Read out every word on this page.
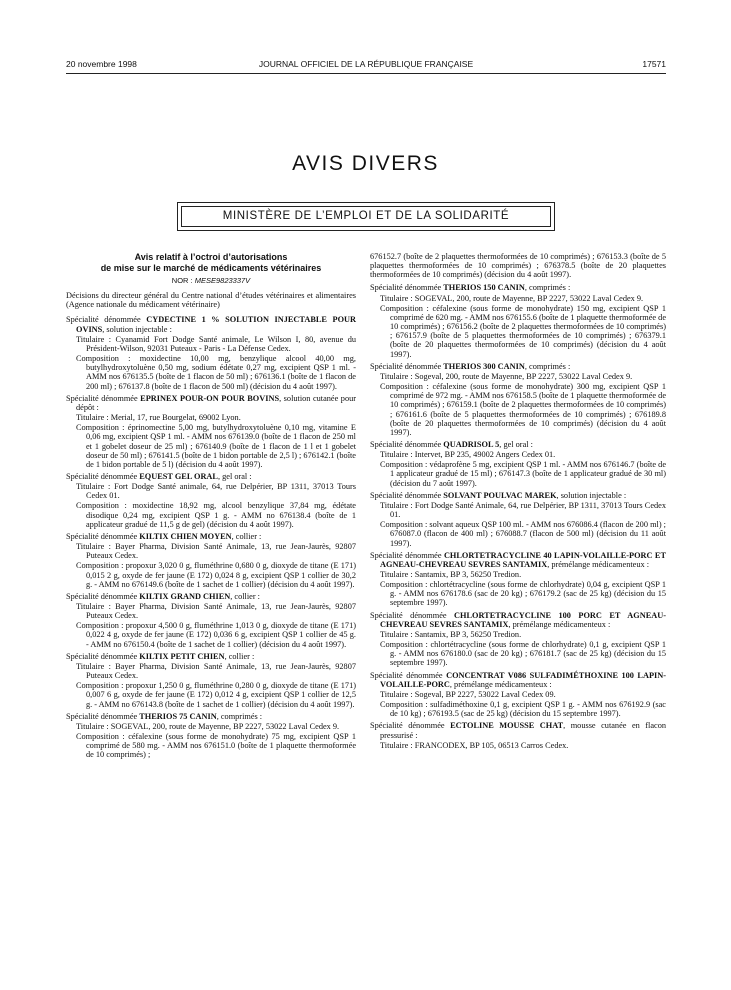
20 novembre 1998	JOURNAL OFFICIEL DE LA RÉPUBLIQUE FRANÇAISE	17571
AVIS DIVERS
MINISTÈRE DE L’EMPLOI ET DE LA SOLIDARITÉ
Avis relatif à l’octroi d’autorisations
de mise sur le marché de médicaments vétérinaires
NOR : MESE9823337V
Décisions du directeur général du Centre national d’études vétérinaires et alimentaires (Agence nationale du médicament vétérinaire)
Spécialité dénommée CYDECTINE 1 % SOLUTION INJECTABLE POUR OVINS, solution injectable :
Titulaire : Cyanamid Fort Dodge Santé animale, Le Wilson I, 80, avenue du Président-Wilson, 92031 Puteaux - Paris - La Défense Cedex.
Composition : moxidectine 10,00 mg, benzylique alcool 40,00 mg, butylhydroxytoluène 0,50 mg, sodium édétate 0,27 mg, excipient QSP 1 ml. - AMM nos 676135.5 (boîte de 1 flacon de 50 ml) ; 676136.1 (boîte de 1 flacon de 200 ml) ; 676137.8 (boîte de 1 flacon de 500 ml) (décision du 4 août 1997).
Spécialité dénommée EPRINEX POUR-ON POUR BOVINS, solution cutanée pour dépôt :
Titulaire : Merial, 17, rue Bourgelat, 69002 Lyon.
Composition : éprinomectine 5,00 mg, butylhydroxytoluène 0,10 mg, vitamine E 0,06 mg, excipient QSP 1 ml. - AMM nos 676139.0 (boîte de 1 flacon de 250 ml et 1 gobelet doseur de 25 ml) ; 676140.9 (boîte de 1 flacon de 1 l et 1 gobelet doseur de 50 ml) ; 676141.5 (boîte de 1 bidon portable de 2,5 l) ; 676142.1 (boîte de 1 bidon portable de 5 l) (décision du 4 août 1997).
Spécialité dénommée EQUEST GEL ORAL, gel oral :
Titulaire : Fort Dodge Santé animale, 64, rue Delpérier, BP 1311, 37013 Tours Cedex 01.
Composition : moxidectine 18,92 mg, alcool benzylique 37,84 mg, édétate disodique 0,24 mg, excipient QSP 1 g. - AMM no 676138.4 (boîte de 1 applicateur gradué de 11,5 g de gel) (décision du 4 août 1997).
Spécialité dénommée KILTIX CHIEN MOYEN, collier :
Titulaire : Bayer Pharma, Division Santé Animale, 13, rue Jean-Jaurès, 92807 Puteaux Cedex.
Composition : propoxur 3,020 0 g, fluméthrine 0,680 0 g, dioxyde de titane (E 171) 0,015 2 g, oxyde de fer jaune (E 172) 0,024 8 g, excipient QSP 1 collier de 30,2 g. - AMM no 676149.6 (boîte de 1 sachet de 1 collier) (décision du 4 août 1997).
Spécialité dénommée KILTIX GRAND CHIEN, collier :
Titulaire : Bayer Pharma, Division Santé Animale, 13, rue Jean-Jaurès, 92807 Puteaux Cedex.
Composition : propoxur 4,500 0 g, fluméthrine 1,013 0 g, dioxyde de titane (E 171) 0,022 4 g, oxyde de fer jaune (E 172) 0,036 6 g, excipient QSP 1 collier de 45 g. - AMM no 676150.4 (boîte de 1 sachet de 1 collier) (décision du 4 août 1997).
Spécialité dénommée KILTIX PETIT CHIEN, collier :
Titulaire : Bayer Pharma, Division Santé Animale, 13, rue Jean-Jaurès, 92807 Puteaux Cedex.
Composition : propoxur 1,250 0 g, fluméthrine 0,280 0 g, dioxyde de titane (E 171) 0,007 6 g, oxyde de fer jaune (E 172) 0,012 4 g, excipient QSP 1 collier de 12,5 g. - AMM no 676143.8 (boîte de 1 sachet de 1 collier) (décision du 4 août 1997).
Spécialité dénommée THERIOS 75 CANIN, comprimés :
Titulaire : SOGEVAL, 200, route de Mayenne, BP 2227, 53022 Laval Cedex 9.
Composition : céfalexine (sous forme de monohydrate) 75 mg, excipient QSP 1 comprimé de 580 mg. - AMM nos 676151.0 (boîte de 1 plaquette thermoformée de 10 comprimés) ;
676152.7 (boîte de 2 plaquettes thermoformées de 10 comprimés) ; 676153.3 (boîte de 5 plaquettes thermoformées de 10 comprimés) ; 676378.5 (boîte de 20 plaquettes thermoformées de 10 comprimés) (décision du 4 août 1997).
Spécialité dénommée THERIOS 150 CANIN, comprimés :
Titulaire : SOGEVAL, 200, route de Mayenne, BP 2227, 53022 Laval Cedex 9.
Composition : céfalexine (sous forme de monohydrate) 150 mg, excipient QSP 1 comprimé de 620 mg. - AMM nos 676155.6 (boîte de 1 plaquette thermoformée de 10 comprimés) ; 676156.2 (boîte de 2 plaquettes thermoformées de 10 comprimés) ; 676157.9 (boîte de 5 plaquettes thermoformées de 10 comprimés) ; 676379.1 (boîte de 20 plaquettes thermoformées de 10 comprimés) (décision du 4 août 1997).
Spécialité dénommée THERIOS 300 CANIN, comprimés :
Titulaire : Sogeval, 200, route de Mayenne, BP 2227, 53022 Laval Cedex 9.
Composition : céfalexine (sous forme de monohydrate) 300 mg, excipient QSP 1 comprimé de 972 mg. - AMM nos 676158.5 (boîte de 1 plaquette thermoformée de 10 comprimés) ; 676159.1 (boîte de 2 plaquettes thermoformées de 10 comprimés) ; 676161.6 (boîte de 5 plaquettes thermoformées de 10 comprimés) ; 676189.8 (boîte de 20 plaquettes thermoformées de 10 comprimés) (décision du 4 août 1997).
Spécialité dénommée QUADRISOL 5, gel oral :
Titulaire : Intervet, BP 235, 49002 Angers Cedex 01.
Composition : védaprofène 5 mg, excipient QSP 1 ml. - AMM nos 676146.7 (boîte de 1 applicateur gradué de 15 ml) ; 676147.3 (boîte de 1 applicateur gradué de 30 ml) (décision du 7 août 1997).
Spécialité dénommée SOLVANT POULVAC MAREK, solution injectable :
Titulaire : Fort Dodge Santé Animale, 64, rue Delpérier, BP 1311, 37013 Tours Cedex 01.
Composition : solvant aqueux QSP 100 ml. - AMM nos 676086.4 (flacon de 200 ml) ; 676087.0 (flacon de 400 ml) ; 676088.7 (flacon de 500 ml) (décision du 11 août 1997).
Spécialité dénommée CHLORTETRACYCLINE 40 LAPIN-VOLAILLE-PORC ET AGNEAU-CHEVREAU SEVRES SANTAMIX, prémélange médicamenteux :
Titulaire : Santamix, BP 3, 56250 Tredion.
Composition : chlortétracycline (sous forme de chlorhydrate) 0,04 g, excipient QSP 1 g. - AMM nos 676178.6 (sac de 20 kg) ; 676179.2 (sac de 25 kg) (décision du 15 septembre 1997).
Spécialité dénommée CHLORTETRACYCLINE 100 PORC ET AGNEAU-CHEVREAU SEVRES SANTAMIX, prémélange médicamenteux :
Titulaire : Santamix, BP 3, 56250 Tredion.
Composition : chlortétracycline (sous forme de chlorhydrate) 0,1 g, excipient QSP 1 g. - AMM nos 676180.0 (sac de 20 kg) ; 676181.7 (sac de 25 kg) (décision du 15 septembre 1997).
Spécialité dénommée CONCENTRAT V086 SULFADIMÉTHOXINE 100 LAPIN-VOLAILLE-PORC, prémélange médicamenteux :
Titulaire : Sogeval, BP 2227, 53022 Laval Cedex 09.
Composition : sulfadiméthoxine 0,1 g, excipient QSP 1 g. - AMM nos 676192.9 (sac de 10 kg) ; 676193.5 (sac de 25 kg) (décision du 15 septembre 1997).
Spécialité dénommée ECTOLINE MOUSSE CHAT, mousse cutanée en flacon pressurisé :
Titulaire : FRANCODEX, BP 105, 06513 Carros Cedex.
